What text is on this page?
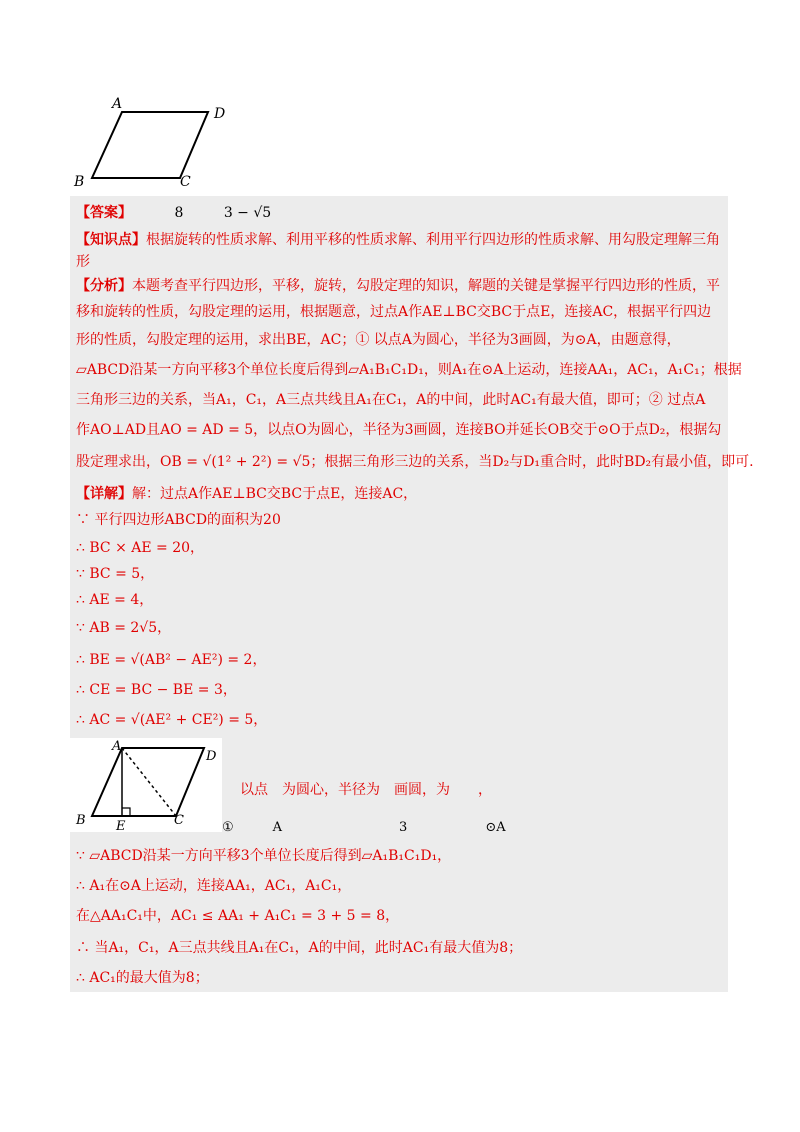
A
D
B	C
【答案】	8	3 − √5
【知识点】根据旋转的性质求解、利用平移的性质求解、利用平行四边形的性质求解、用勾股定理解三角
形
【分析】本题考查平行四边形，平移，旋转，勾股定理的知识，解题的关键是掌握平行四边形的性质，平
移和旋转的性质，勾股定理的运用，根据题意，过点A作AE⊥BC交BC于点E，连接AC，根据平行四边
形的性质，勾股定理的运用，求出BE，AC；① 以点A为圆心，半径为3画圆，为⊙A，由题意得，
▱ABCD沿某一方向平移3个单位长度后得到▱A₁B₁C₁D₁，则A₁在⊙A上运动，连接AA₁，AC₁，A₁C₁；根据
三角形三边的关系，当A₁，C₁，A三点共线且A₁在C₁，A的中间，此时AC₁有最大值，即可；② 过点A
作AO⊥AD且AO = AD = 5，以点O为圆心，半径为3画圆，连接BO并延长OB交于⊙O于点D₂，根据勾
股定理求出，OB = √(1² + 2²) = √5；根据三角形三边的关系，当D₂与D₁重合时，此时BD₂有最小值，即可.
【详解】解：过点A作AE⊥BC交BC于点E，连接AC，
∵ 平行四边形ABCD的面积为20
∴ BC × AE = 20，
∵ BC = 5，
∴ AE = 4，
∵ AB = 2√5，
∴ BE = √(AB² − AE²) = 2，
∴ CE = BC − BE = 3，
∴ AC = √(AE² + CE²) = 5，
A
D
B E	C
以点　为圆心，半径为　画圆，为　　，
①　　　A　　　　　　　　　3　　　　　　⊙A
∵ ▱ABCD沿某一方向平移3个单位长度后得到▱A₁B₁C₁D₁，
∴ A₁在⊙A上运动，连接AA₁，AC₁，A₁C₁，
在△AA₁C₁中，AC₁ ≤ AA₁ + A₁C₁ = 3 + 5 = 8，
∴ 当A₁，C₁，A三点共线且A₁在C₁，A的中间，此时AC₁有最大值为8；
∴ AC₁的最大值为8；
